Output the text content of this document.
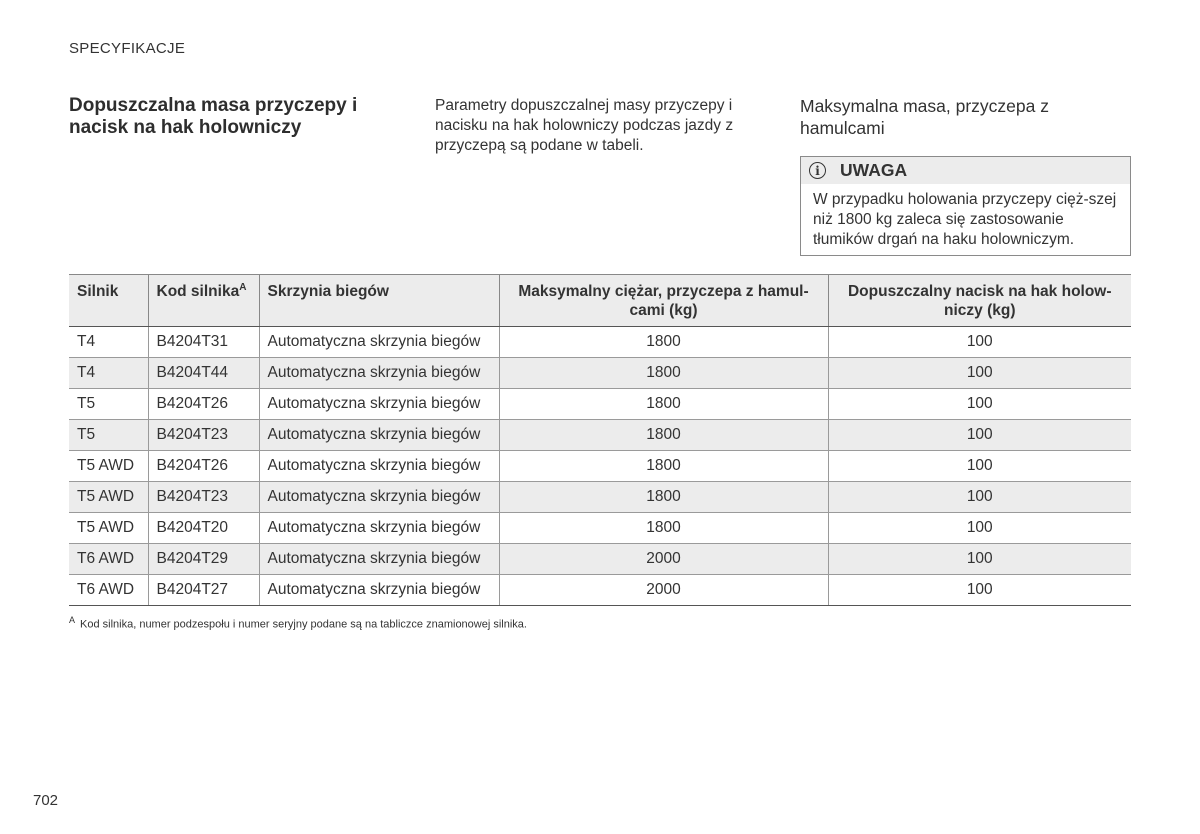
SPECYFIKACJE
Dopuszczalna masa przyczepy i nacisk na hak holowniczy
Parametry dopuszczalnej masy przyczepy i nacisku na hak holowniczy podczas jazdy z przyczepą są podane w tabeli.
Maksymalna masa, przyczepa z hamulcami
i	UWAGA
W przypadku holowania przyczepy cięż-szej niż 1800 kg zaleca się zastosowanie tłumików drgań na haku holowniczym.
Silnik	Kod silnika$^A$	Skrzynia biegów	Maksymalny ciężar, przyczepa z hamul-cami (kg)	Dopuszczalny nacisk na hak holow-niczy (kg)
T4	B4204T31	Automatyczna skrzynia biegów	1800	100
T4	B4204T44	Automatyczna skrzynia biegów	1800	100
T5	B4204T26	Automatyczna skrzynia biegów	1800	100
T5	B4204T23	Automatyczna skrzynia biegów	1800	100
T5 AWD	B4204T26	Automatyczna skrzynia biegów	1800	100
T5 AWD	B4204T23	Automatyczna skrzynia biegów	1800	100
T5 AWD	B4204T20	Automatyczna skrzynia biegów	1800	100
T6 AWD	B4204T29	Automatyczna skrzynia biegów	2000	100
T6 AWD	B4204T27	Automatyczna skrzynia biegów	2000	100
$^A$ Kod silnika, numer podzespołu i numer seryjny podane są na tabliczce znamionowej silnika.
702
